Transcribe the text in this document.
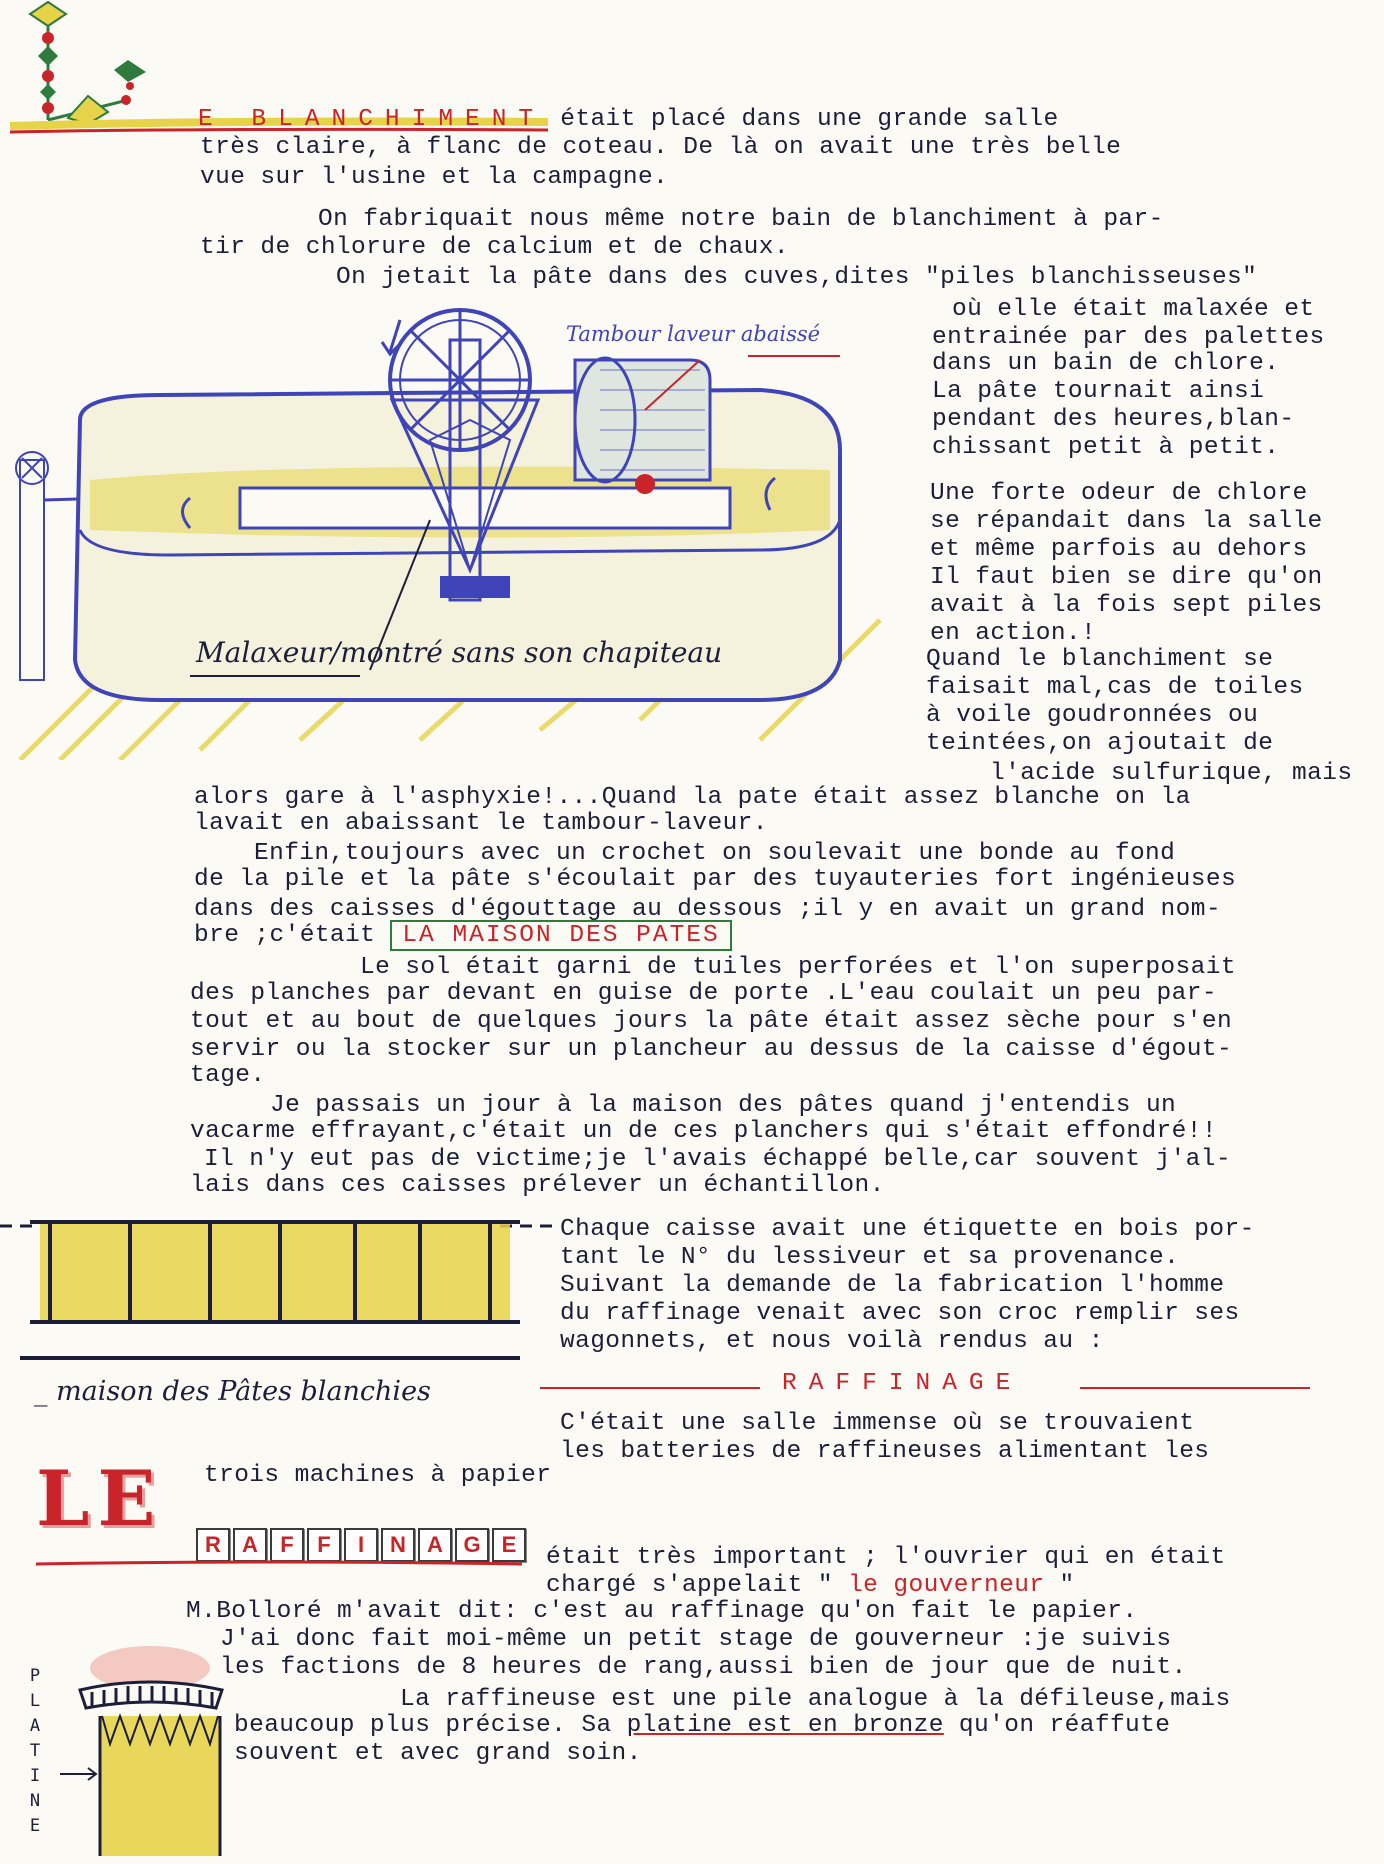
E BLANCHIMENT était placé dans une grande salle
très claire, à flanc de coteau. De là on avait une très belle
vue sur l'usine et la campagne.
On fabriquait nous même notre bain de blanchiment à par-
tir de chlorure de calcium et de chaux.
On jetait la pâte dans des cuves,dites "piles blanchisseuses"
où elle était malaxée et
entrainée par des palettes
dans un bain de chlore.
La pâte tournait ainsi
pendant des heures,blan-
chissant petit à petit.
Une forte odeur de chlore
se répandait dans la salle
et même parfois au dehors
Il faut bien se dire qu'on
avait à la fois sept piles
en action.!
Quand le blanchiment se
faisait mal,cas de toiles
à voile goudronnées ou
teintées,on ajoutait de
l'acide sulfurique, mais
Tambour laveur abaissé
Malaxeur/montré sans son chapiteau
alors gare à l'asphyxie!...Quand la pate était assez blanche on la
lavait en abaissant le tambour-laveur.
Enfin,toujours avec un crochet on soulevait une bonde au fond
de la pile et la pâte s'écoulait par des tuyauteries fort ingénieuses
dans des caisses d'égouttage au dessous ;il y en avait un grand nom-
bre ;c'était LA MAISON DES PATES
Le sol était garni de tuiles perforées et l'on superposait
des planches par devant en guise de porte .L'eau coulait un peu par-
tout et au bout de quelques jours la pâte était assez sèche pour s'en
servir ou la stocker sur un plancheur au dessus de la caisse d'égout-
tage.
Je passais un jour à la maison des pâtes quand j'entendis un
vacarme effrayant,c'était un de ces planchers qui s'était effondré!!
Il n'y eut pas de victime;je l'avais échappé belle,car souvent j'al-
lais dans ces caisses prélever un échantillon.
_ maison des Pâtes blanchies
Chaque caisse avait une étiquette en bois por-
tant le N° du lessiveur et sa provenance.
Suivant la demande de la fabrication l'homme
du raffinage venait avec son croc remplir ses
wagonnets, et nous voilà rendus au :
RAFFINAGE
C'était une salle immense où se trouvaient
les batteries de raffineuses alimentant les
trois machines à papier
LE
R A F F I N A G E	était très important ; l'ouvrier qui en était
chargé s'appelait " le gouverneur "
M.Bolloré m'avait dit: c'est au raffinage qu'on fait le papier.
J'ai donc fait moi-même un petit stage de gouverneur :je suivis
les factions de 8 heures de rang,aussi bien de jour que de nuit.
La raffineuse est une pile analogue à la défileuse,mais
beaucoup plus précise. Sa platine est en bronze qu'on réaffute
souvent et avec grand soin.
P
L
A
T
I
N
E
